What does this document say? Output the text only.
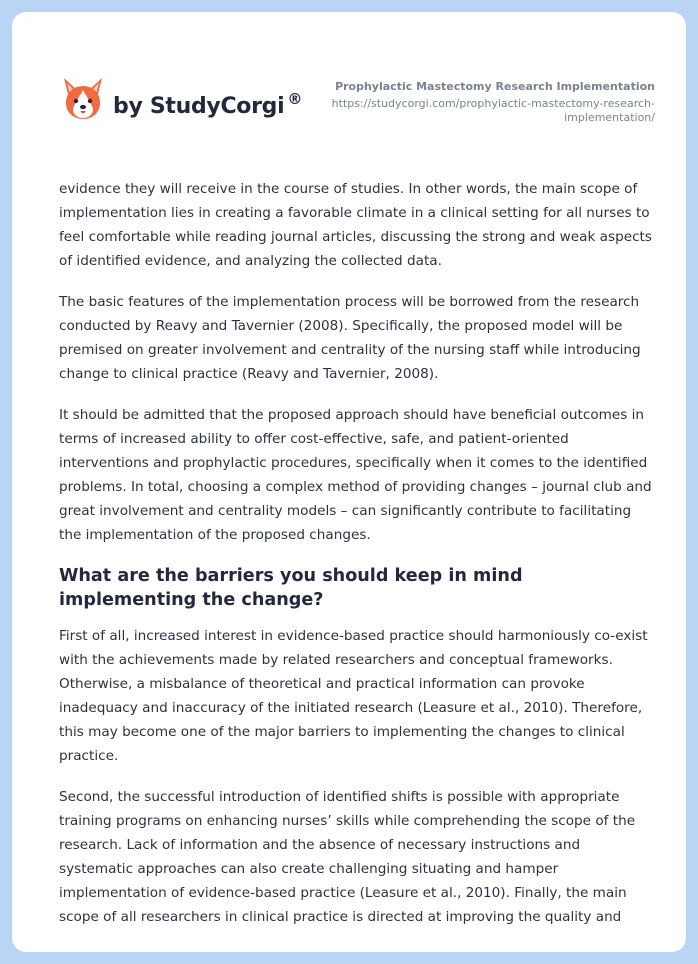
by StudyCorgi ®
Prophylactic Mastectomy Research Implementation
https://studycorgi.com/prophylactic-mastectomy-research-implementation/

evidence they will receive in the course of studies. In other words, the main scope of implementation lies in creating a favorable climate in a clinical setting for all nurses to feel comfortable while reading journal articles, discussing the strong and weak aspects of identified evidence, and analyzing the collected data.

The basic features of the implementation process will be borrowed from the research conducted by Reavy and Tavernier (2008). Specifically, the proposed model will be premised on greater involvement and centrality of the nursing staff while introducing change to clinical practice (Reavy and Tavernier, 2008).

It should be admitted that the proposed approach should have beneficial outcomes in terms of increased ability to offer cost-effective, safe, and patient-oriented interventions and prophylactic procedures, specifically when it comes to the identified problems. In total, choosing a complex method of providing changes – journal club and great involvement and centrality models – can significantly contribute to facilitating the implementation of the proposed changes.

What are the barriers you should keep in mind implementing the change?

First of all, increased interest in evidence-based practice should harmoniously co-exist with the achievements made by related researchers and conceptual frameworks. Otherwise, a misbalance of theoretical and practical information can provoke inadequacy and inaccuracy of the initiated research (Leasure et al., 2010). Therefore, this may become one of the major barriers to implementing the changes to clinical practice.

Second, the successful introduction of identified shifts is possible with appropriate training programs on enhancing nurses’ skills while comprehending the scope of the research. Lack of information and the absence of necessary instructions and systematic approaches can also create challenging situating and hamper implementation of evidence-based practice (Leasure et al., 2010). Finally, the main scope of all researchers in clinical practice is directed at improving the quality and
